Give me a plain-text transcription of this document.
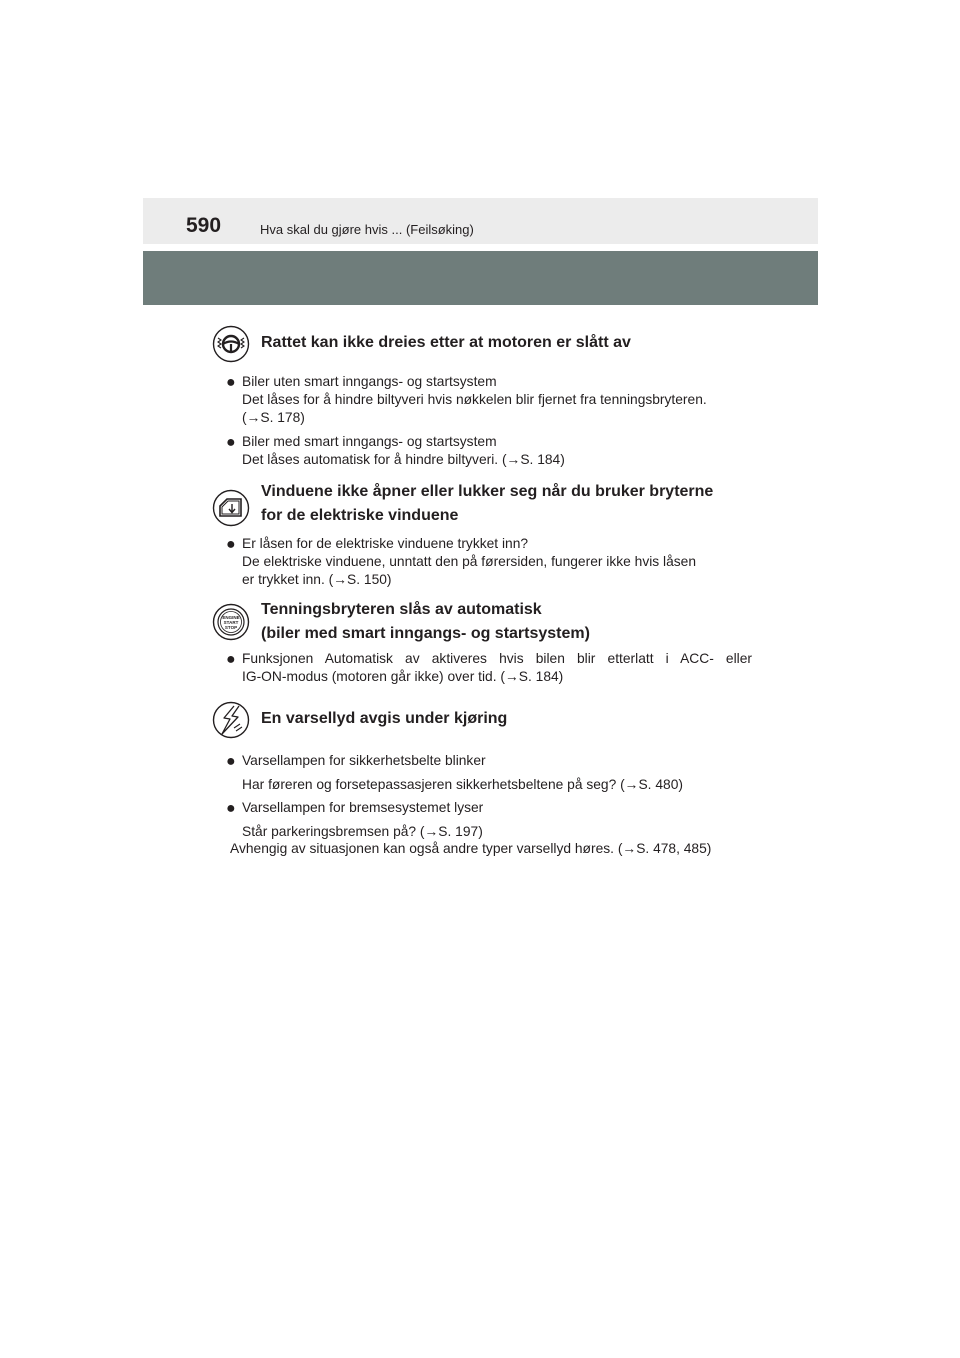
590	Hva skal du gjøre hvis ... (Feilsøking)
Rattet kan ikke dreies etter at motoren er slått av
● Biler uten smart inngangs- og startsystem
Det låses for å hindre biltyveri hvis nøkkelen blir fjernet fra tenningsbryteren.
(→S. 178)
● Biler med smart inngangs- og startsystem
Det låses automatisk for å hindre biltyveri. (→S. 184)
Vinduene ikke åpner eller lukker seg når du bruker bryterne
for de elektriske vinduene
● Er låsen for de elektriske vinduene trykket inn?
De elektriske vinduene, unntatt den på førersiden, fungerer ikke hvis låsen
er trykket inn. (→S. 150)
ENGINE
START
STOP
Tenningsbryteren slås av automatisk
(biler med smart inngangs- og startsystem)
● Funksjonen Automatisk av aktiveres hvis bilen blir etterlatt i ACC- eller
IG-ON-modus (motoren går ikke) over tid. (→S. 184)
En varsellyd avgis under kjøring
● Varsellampen for sikkerhetsbelte blinker
Har føreren og forsetepassasjeren sikkerhetsbeltene på seg? (→S. 480)
● Varsellampen for bremsesystemet lyser
Står parkeringsbremsen på? (→S. 197)
Avhengig av situasjonen kan også andre typer varsellyd høres. (→S. 478, 485)
